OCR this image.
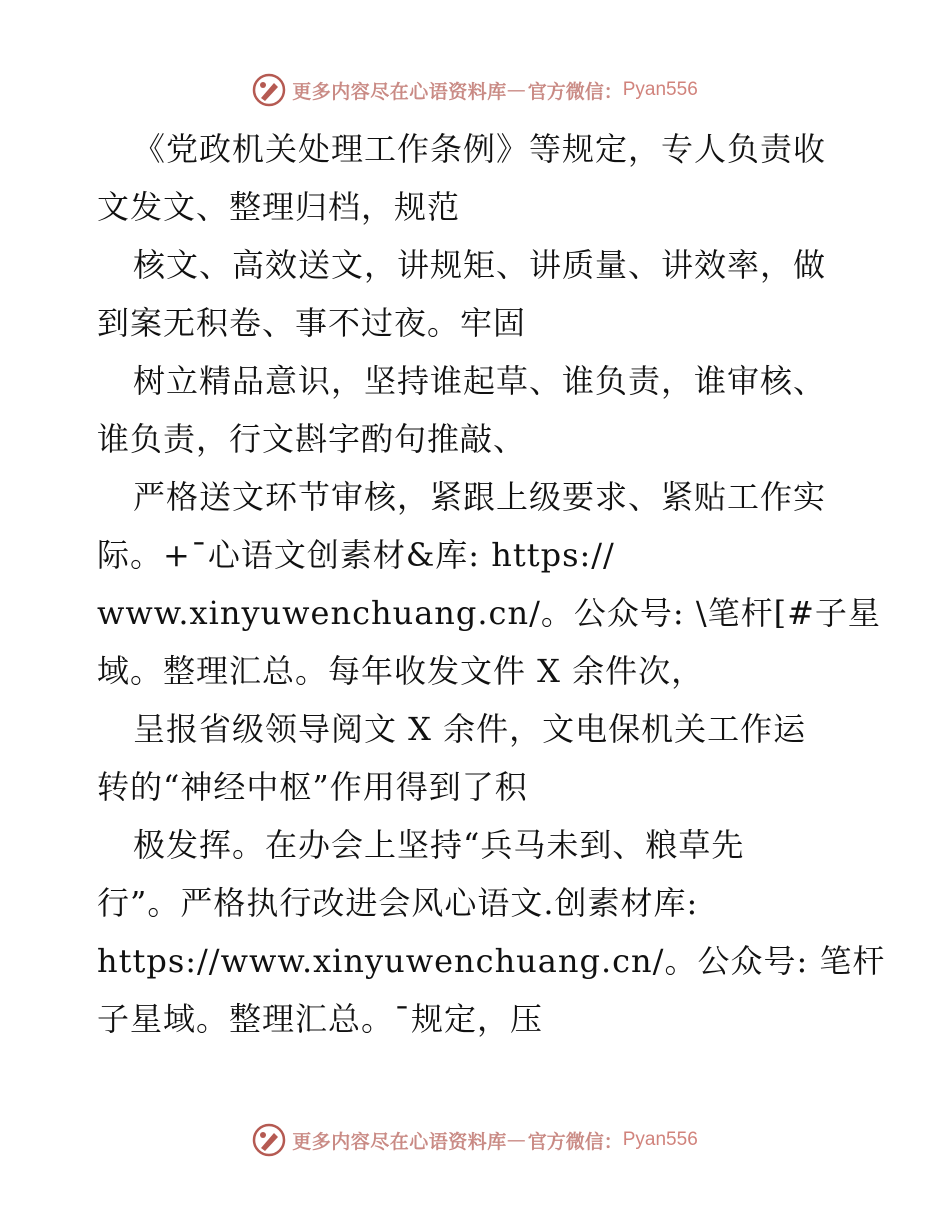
更多内容尽在心语资料库 — 官方微信： Pyan556
《党政机关处理工作条例》等规定，专人负责收
文发文、整理归档，规范
核文、高效送文，讲规矩、讲质量、讲效率，做
到案无积卷、事不过夜。牢固
树立精品意识，坚持谁起草、谁负责，谁审核、
谁负责，行文斟字酌句推敲、
严格送文环节审核，紧跟上级要求、紧贴工作实
际。+¯心语文创素材&库: https://
www.xinyuwenchuang.cn/。公众号: \笔杆[#子星
域。整理汇总。每年收发文件 X 余件次，
呈报省级领导阅文 X 余件，文电保机关工作运
转的“神经中枢”作用得到了积
极发挥。在办会上坚持“兵马未到、粮草先
行”。严格执行改进会风心语文.创素材库:
https://www.xinyuwenchuang.cn/。公众号: 笔杆
子星域。整理汇总。¯规定，压
更多内容尽在心语资料库 — 官方微信： Pyan556
